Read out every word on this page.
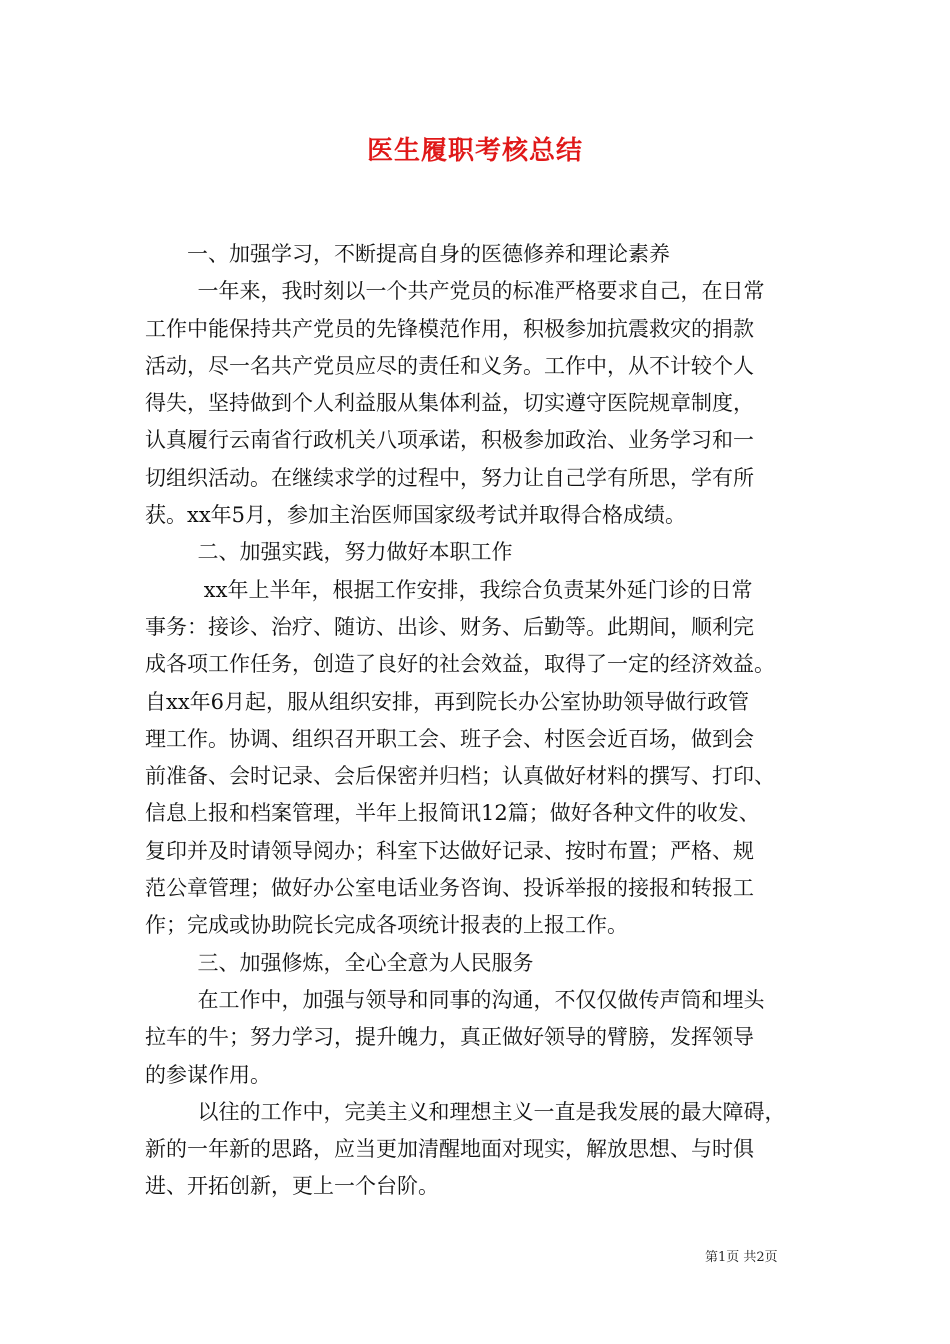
医生履职考核总结
一、加强学习，不断提高自身的医德修养和理论素养
一年来，我时刻以一个共产党员的标准严格要求自己，在日常
工作中能保持共产党员的先锋模范作用，积极参加抗震救灾的捐款
活动，尽一名共产党员应尽的责任和义务。工作中，从不计较个人
得失，坚持做到个人利益服从集体利益，切实遵守医院规章制度，
认真履行云南省行政机关八项承诺，积极参加政治、业务学习和一
切组织活动。在继续求学的过程中，努力让自己学有所思，学有所
获。xx年5月，参加主治医师国家级考试并取得合格成绩。
二、加强实践，努力做好本职工作
xx年上半年，根据工作安排，我综合负责某外延门诊的日常
事务：接诊、治疗、随访、出诊、财务、后勤等。此期间，顺利完
成各项工作任务，创造了良好的社会效益，取得了一定的经济效益。
自xx年6月起，服从组织安排，再到院长办公室协助领导做行政管
理工作。协调、组织召开职工会、班子会、村医会近百场，做到会
前准备、会时记录、会后保密并归档；认真做好材料的撰写、打印、
信息上报和档案管理，半年上报简讯12篇；做好各种文件的收发、
复印并及时请领导阅办；科室下达做好记录、按时布置；严格、规
范公章管理；做好办公室电话业务咨询、投诉举报的接报和转报工
作；完成或协助院长完成各项统计报表的上报工作。
三、加强修炼，全心全意为人民服务
在工作中，加强与领导和同事的沟通，不仅仅做传声筒和埋头
拉车的牛；努力学习，提升魄力，真正做好领导的臂膀，发挥领导
的参谋作用。
以往的工作中，完美主义和理想主义一直是我发展的最大障碍，
新的一年新的思路，应当更加清醒地面对现实，解放思想、与时俱
进、开拓创新，更上一个台阶。
第1页 共2页
